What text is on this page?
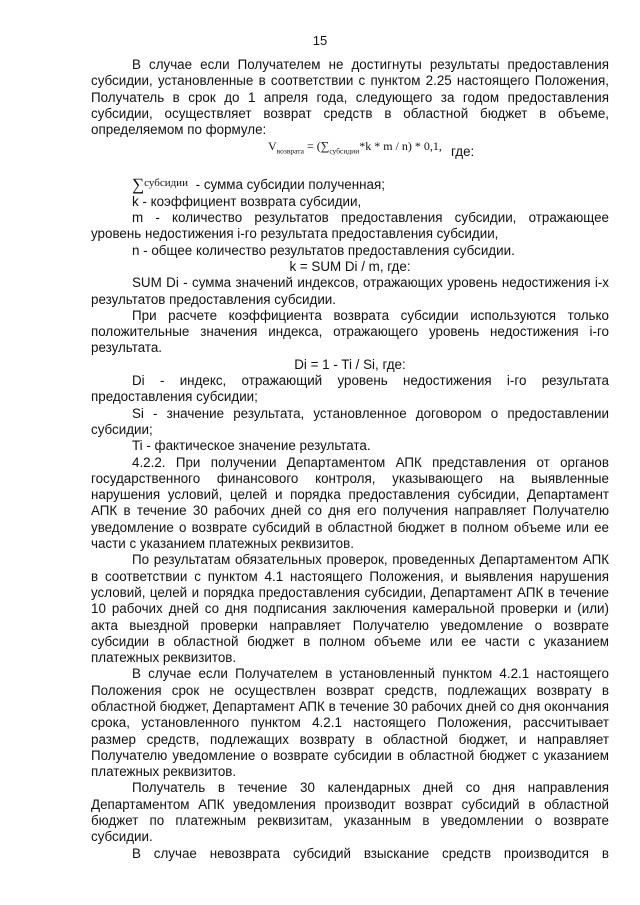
15

В случае если Получателем не достигнуты результаты предоставления субсидии, установленные в соответствии с пунктом 2.25 настоящего Положения, Получатель в срок до 1 апреля года, следующего за годом предоставления субсидии, осуществляет возврат средств в областной бюджет в объеме, определяемом по формуле:

$V_{возврата} = (\sum_{субсидии}*k * m / n) * 0,1$, где:

∑$^{субсидии}$ - сумма субсидии полученная;

k - коэффициент возврата субсидии,

m - количество результатов предоставления субсидии, отражающее уровень недостижения i-го результата предоставления субсидии,

n - общее количество результатов предоставления субсидии.

k = SUM Di / m, где:

SUM Di - сумма значений индексов, отражающих уровень недостижения i-х результатов предоставления субсидии.

При расчете коэффициента возврата субсидии используются только положительные значения индекса, отражающего уровень недостижения i-го результата.

Di = 1 - Ti / Si, где:

Di - индекс, отражающий уровень недостижения i-го результата предоставления субсидии;

Si - значение результата, установленное договором о предоставлении субсидии;

Ti - фактическое значение результата.

4.2.2. При получении Департаментом АПК представления от органов государственного финансового контроля, указывающего на выявленные нарушения условий, целей и порядка предоставления субсидии, Департамент АПК в течение 30 рабочих дней со дня его получения направляет Получателю уведомление о возврате субсидий в областной бюджет в полном объеме или ее части с указанием платежных реквизитов.

По результатам обязательных проверок, проведенных Департаментом АПК в соответствии с пунктом 4.1 настоящего Положения, и выявления нарушения условий, целей и порядка предоставления субсидии, Департамент АПК в течение 10 рабочих дней со дня подписания заключения камеральной проверки и (или) акта выездной проверки направляет Получателю уведомление о возврате субсидии в областной бюджет в полном объеме или ее части с указанием платежных реквизитов.

В случае если Получателем в установленный пунктом 4.2.1 настоящего Положения срок не осуществлен возврат средств, подлежащих возврату в областной бюджет, Департамент АПК в течение 30 рабочих дней со дня окончания срока, установленного пунктом 4.2.1 настоящего Положения, рассчитывает размер средств, подлежащих возврату в областной бюджет, и направляет Получателю уведомление о возврате субсидии в областной бюджет с указанием платежных реквизитов.

Получатель в течение 30 календарных дней со дня направления Департаментом АПК уведомления производит возврат субсидий в областной бюджет по платежным реквизитам, указанным в уведомлении о возврате субсидии.

В случае невозврата субсидий взыскание средств производится в
